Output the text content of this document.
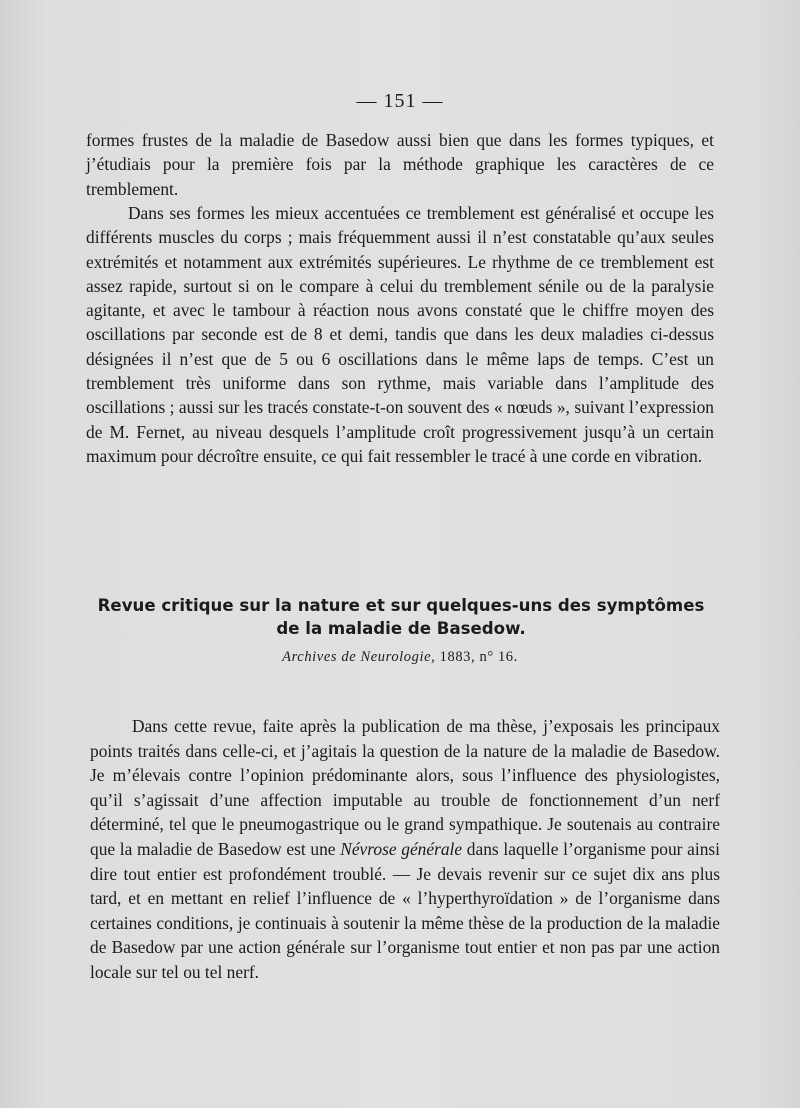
— 151 —

formes frustes de la maladie de Basedow aussi bien que dans les formes typiques, et j’étudiais pour la première fois par la méthode graphique les caractères de ce tremblement.

Dans ses formes les mieux accentuées ce tremblement est généralisé et occupe les différents muscles du corps ; mais fréquemment aussi il n’est constatable qu’aux seules extrémités et notamment aux extrémités supérieures. Le rhythme de ce tremblement est assez rapide, surtout si on le compare à celui du tremblement sénile ou de la paralysie agitante, et avec le tambour à réaction nous avons constaté que le chiffre moyen des oscillations par seconde est de 8 et demi, tandis que dans les deux maladies ci-dessus désignées il n’est que de 5 ou 6 oscillations dans le même laps de temps. C’est un tremblement très uniforme dans son rythme, mais variable dans l’amplitude des oscillations ; aussi sur les tracés constate-t-on souvent des « nœuds », suivant l’expression de M. Fernet, au niveau desquels l’amplitude croît progressivement jusqu’à un certain maximum pour décroître ensuite, ce qui fait ressembler le tracé à une corde en vibration.

Revue critique sur la nature et sur quelques-uns des symptômes de la maladie de Basedow.

Archives de Neurologie, 1883, n° 16.

Dans cette revue, faite après la publication de ma thèse, j’exposais les principaux points traités dans celle-ci, et j’agitais la question de la nature de la maladie de Basedow. Je m’élevais contre l’opinion prédominante alors, sous l’influence des physiologistes, qu’il s’agissait d’une affection imputable au trouble de fonctionnement d’un nerf déterminé, tel que le pneumogastrique ou le grand sympathique. Je soutenais au contraire que la maladie de Basedow est une Névrose générale dans laquelle l’organisme pour ainsi dire tout entier est profondément troublé. — Je devais revenir sur ce sujet dix ans plus tard, et en mettant en relief l’influence de « l’hyperthyroïdation » de l’organisme dans certaines conditions, je continuais à soutenir la même thèse de la production de la maladie de Basedow par une action générale sur l’organisme tout entier et non pas par une action locale sur tel ou tel nerf.
